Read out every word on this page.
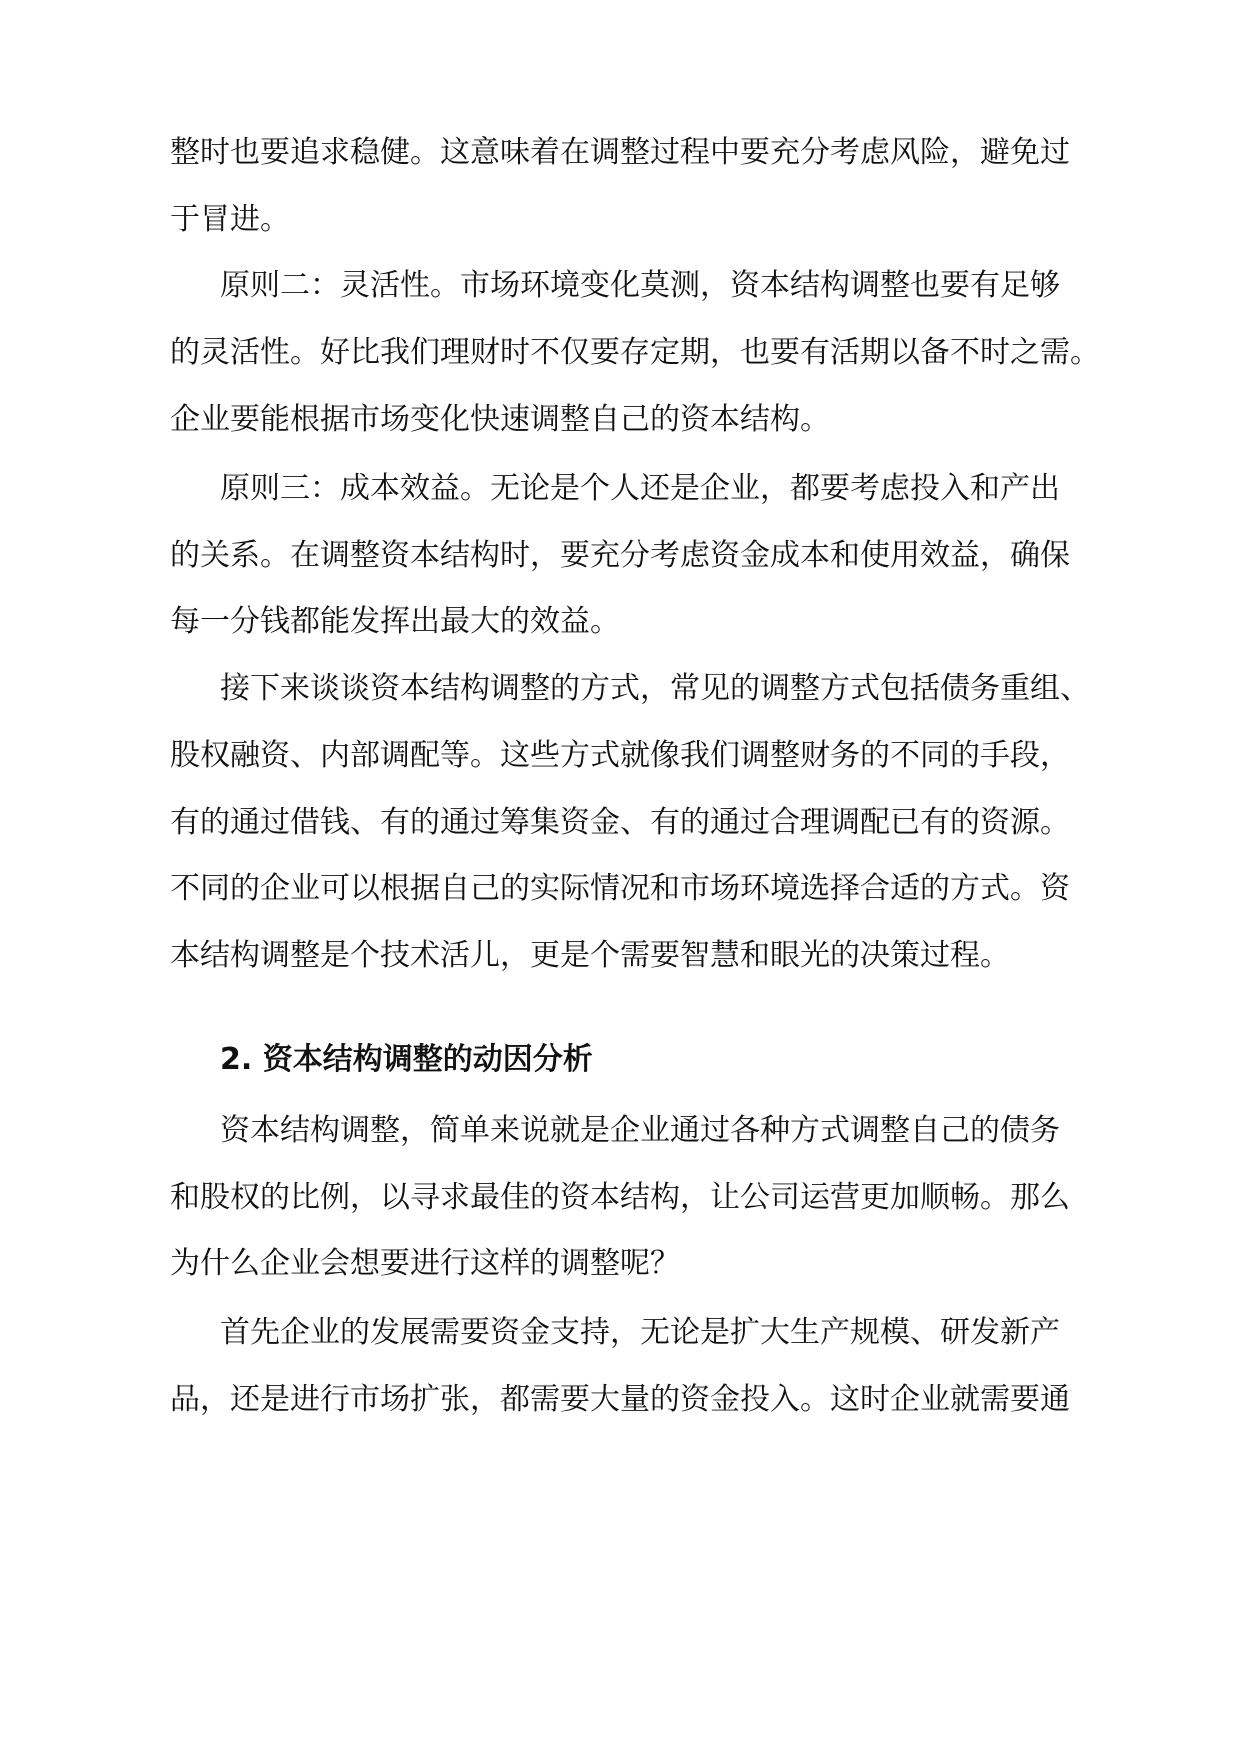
整时也要追求稳健。这意味着在调整过程中要充分考虑风险，避免过
于冒进。
原则二：灵活性。市场环境变化莫测，资本结构调整也要有足够
的灵活性。好比我们理财时不仅要存定期，也要有活期以备不时之需。
企业要能根据市场变化快速调整自己的资本结构。
原则三：成本效益。无论是个人还是企业，都要考虑投入和产出
的关系。在调整资本结构时，要充分考虑资金成本和使用效益，确保
每一分钱都能发挥出最大的效益。
接下来谈谈资本结构调整的方式，常见的调整方式包括债务重组、
股权融资、内部调配等。这些方式就像我们调整财务的不同的手段，
有的通过借钱、有的通过筹集资金、有的通过合理调配已有的资源。
不同的企业可以根据自己的实际情况和市场环境选择合适的方式。资
本结构调整是个技术活儿，更是个需要智慧和眼光的决策过程。
2. 资本结构调整的动因分析
资本结构调整，简单来说就是企业通过各种方式调整自己的债务
和股权的比例，以寻求最佳的资本结构，让公司运营更加顺畅。那么
为什么企业会想要进行这样的调整呢？
首先企业的发展需要资金支持，无论是扩大生产规模、研发新产
品，还是进行市场扩张，都需要大量的资金投入。这时企业就需要通
